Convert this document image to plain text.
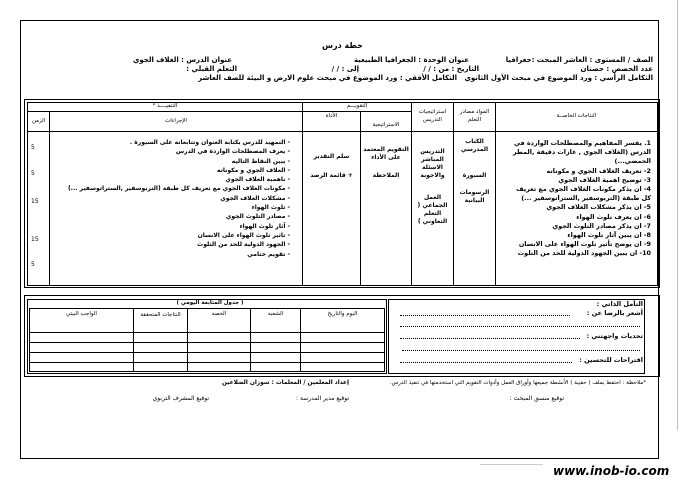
خطة درس
الصف / المستوى : العاشر المبحث :جغرافيا
عنوان الوحدة : الجغرافيا الطبيعية
عنوان الدرس : الغلاف الجوي
عدد الحصص : حصتان
التاريخ : من : / /
إلى : / /
التعلم القبلي :
التكامل الرأسي : ورد الموضوع في مبحث الأول الثانوي
التكامل الأفقي : ورد الموضوع في مبحث علوم الارض و البيئة للصف العاشر
النتاجات الخاصــة
المواد مصادر التعلم
استراتيجيات التدريس
التقويـــم
الاستراتيجية
الأداة
التنفيــــذ *
الإجراءات
الزمن
1. يفسر المفاهيم والمصطلحات الواردة في
الدرس (الغلاف الجوي , غازات دقيقة ,المطر
الحمضي...)
2- تعريف الغلاف الجوي و مكوناته
3- توضيح اهمية الغلاف الجوي
4- ان يذكر مكونات الغلاف الجوي مع تعريف
كل طبقة (التربوسفير ,الستراتوسفير ...)
5- ان يذكر مشكلات الغلاف الجوي
6- ان يعرف تلوث الهواء
7- ان يذكر مصادر التلوث الجوي
8- ان يبين آثار تلوث الهواء
9- ان يوضح تأثير تلوث الهواء على الانسان
10- ان يبين الجهود الدولية للحد من التلوث
الكتاب المدرسي
السبورة
الرسومات البيانية
التدريس المباشر الاسئلة والاجوبة
العمل الجماعي ( التعلم التعاوني )
التقويم المعتمد على الأداء
الملاحظة
سلم التقدير
+ قائمة الرصد
- التمهيد للدرس بكتابة العنوان وتتابعاته على السبورة .
- يعرف المصطلحات الواردة في الدرس
- يبين النقاط التاليه
- الغلاف الجوي و مكوناته
- ناهمية الغلاف الجوي
- مكونات الغلاف الجوي مع تعريف كل طبقة (التربوسفير ,الستراتوسفير ...)
- مشكلات الغلاف الجوي
- تلوث الهواء
- مصادر التلوث الجوي
- آثار تلوث الهواء
- تاثير تلوث الهواء على الانسان
- الجهود الدولية للحد من التلوث
- تقويم ختامي
5
5
15
15
5
( جدول المتابعة اليومي )
اليوم والتاريخ
الشعبه
الحصه
النتاجات المتحققة
الواجب البيتي
التأمل الذاتي :
أشعر بالرضا عن :
تحديات واجهتني :
اقتراحات للتحسين :
*ملاحظة : احتفظ بملف ( حقيبة ) الأنشطة جميعها وأوراق العمل وأدوات التقويم التي استخدمتها في تنفيذ الدرس.
إعداد المعلمين / المعلمات : سوزان الضلاعين
توقيع منسق المبحث :
توقيع مدير المدرسة :
توقيع المشرف التربوي
www.inob-io.com
